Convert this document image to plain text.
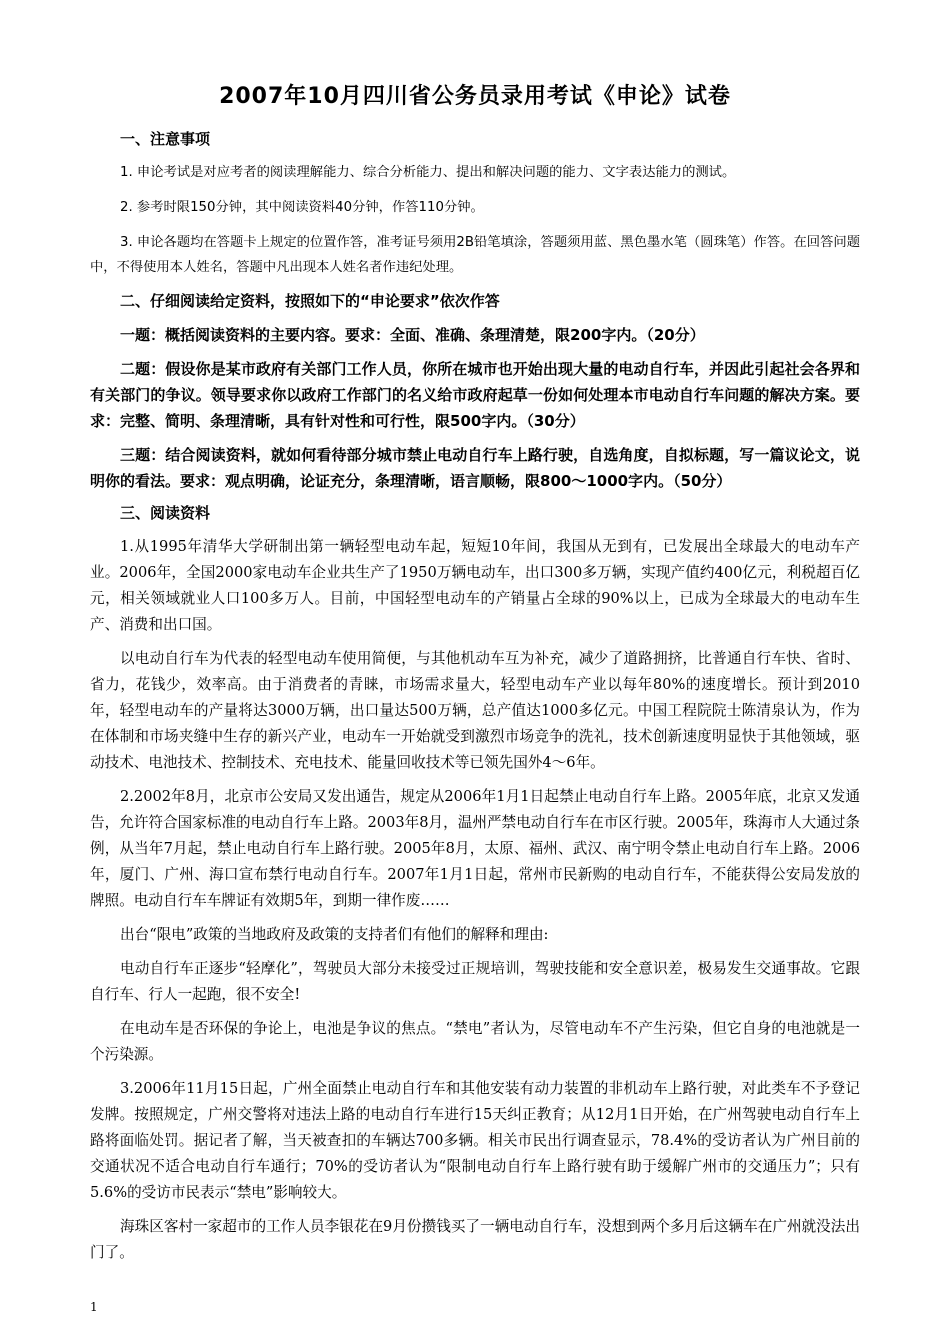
2007年10月四川省公务员录用考试《申论》试卷

一、注意事项

1. 申论考试是对应考者的阅读理解能力、综合分析能力、提出和解决问题的能力、文字表达能力的测试。

2. 参考时限150分钟，其中阅读资料40分钟，作答110分钟。

3. 申论各题均在答题卡上规定的位置作答，准考证号须用2B铅笔填涂，答题须用蓝、黑色墨水笔（圆珠笔）作答。在回答问题中，不得使用本人姓名，答题中凡出现本人姓名者作违纪处理。

二、仔细阅读给定资料，按照如下的“申论要求”依次作答

一题：概括阅读资料的主要内容。要求：全面、准确、条理清楚，限200字内。（20分）

二题：假设你是某市政府有关部门工作人员，你所在城市也开始出现大量的电动自行车，并因此引起社会各界和有关部门的争议。领导要求你以政府工作部门的名义给市政府起草一份如何处理本市电动自行车问题的解决方案。要求：完整、简明、条理清晰，具有针对性和可行性，限500字内。（30分）

三题：结合阅读资料，就如何看待部分城市禁止电动自行车上路行驶，自选角度，自拟标题，写一篇议论文，说明你的看法。要求：观点明确，论证充分，条理清晰，语言顺畅，限800～1000字内。（50分）

三、阅读资料

1.从1995年清华大学研制出第一辆轻型电动车起，短短10年间，我国从无到有，已发展出全球最大的电动车产业。2006年，全国2000家电动车企业共生产了1950万辆电动车，出口300多万辆，实现产值约400亿元，利税超百亿元，相关领域就业人口100多万人。目前，中国轻型电动车的产销量占全球的90%以上，已成为全球最大的电动车生产、消费和出口国。

以电动自行车为代表的轻型电动车使用简便，与其他机动车互为补充，减少了道路拥挤，比普通自行车快、省时、省力，花钱少，效率高。由于消费者的青睐，市场需求量大，轻型电动车产业以每年80%的速度增长。预计到2010年，轻型电动车的产量将达3000万辆，出口量达500万辆，总产值达1000多亿元。中国工程院院士陈清泉认为，作为在体制和市场夹缝中生存的新兴产业，电动车一开始就受到激烈市场竞争的洗礼，技术创新速度明显快于其他领域，驱动技术、电池技术、控制技术、充电技术、能量回收技术等已领先国外4～6年。

2.2002年8月，北京市公安局又发出通告，规定从2006年1月1日起禁止电动自行车上路。2005年底，北京又发通告，允许符合国家标准的电动自行车上路。2003年8月，温州严禁电动自行车在市区行驶。2005年，珠海市人大通过条例，从当年7月起，禁止电动自行车上路行驶。2005年8月，太原、福州、武汉、南宁明令禁止电动自行车上路。2006年，厦门、广州、海口宣布禁行电动自行车。2007年1月1日起，常州市民新购的电动自行车，不能获得公安局发放的牌照。电动自行车车牌证有效期5年，到期一律作废……

出台“限电”政策的当地政府及政策的支持者们有他们的解释和理由:

电动自行车正逐步“轻摩化”，驾驶员大部分未接受过正规培训，驾驶技能和安全意识差，极易发生交通事故。它跟自行车、行人一起跑，很不安全!

在电动车是否环保的争论上，电池是争议的焦点。“禁电”者认为，尽管电动车不产生污染，但它自身的电池就是一个污染源。

3.2006年11月15日起，广州全面禁止电动自行车和其他安装有动力装置的非机动车上路行驶，对此类车不予登记发牌。按照规定，广州交警将对违法上路的电动自行车进行15天纠正教育；从12月1日开始，在广州驾驶电动自行车上路将面临处罚。据记者了解，当天被查扣的车辆达700多辆。相关市民出行调查显示，78.4%的受访者认为广州目前的交通状况不适合电动自行车通行；70%的受访者认为“限制电动自行车上路行驶有助于缓解广州市的交通压力”；只有5.6%的受访市民表示“禁电”影响较大。

海珠区客村一家超市的工作人员李银花在9月份攒钱买了一辆电动自行车，没想到两个多月后这辆车在广州就没法出门了。

1
